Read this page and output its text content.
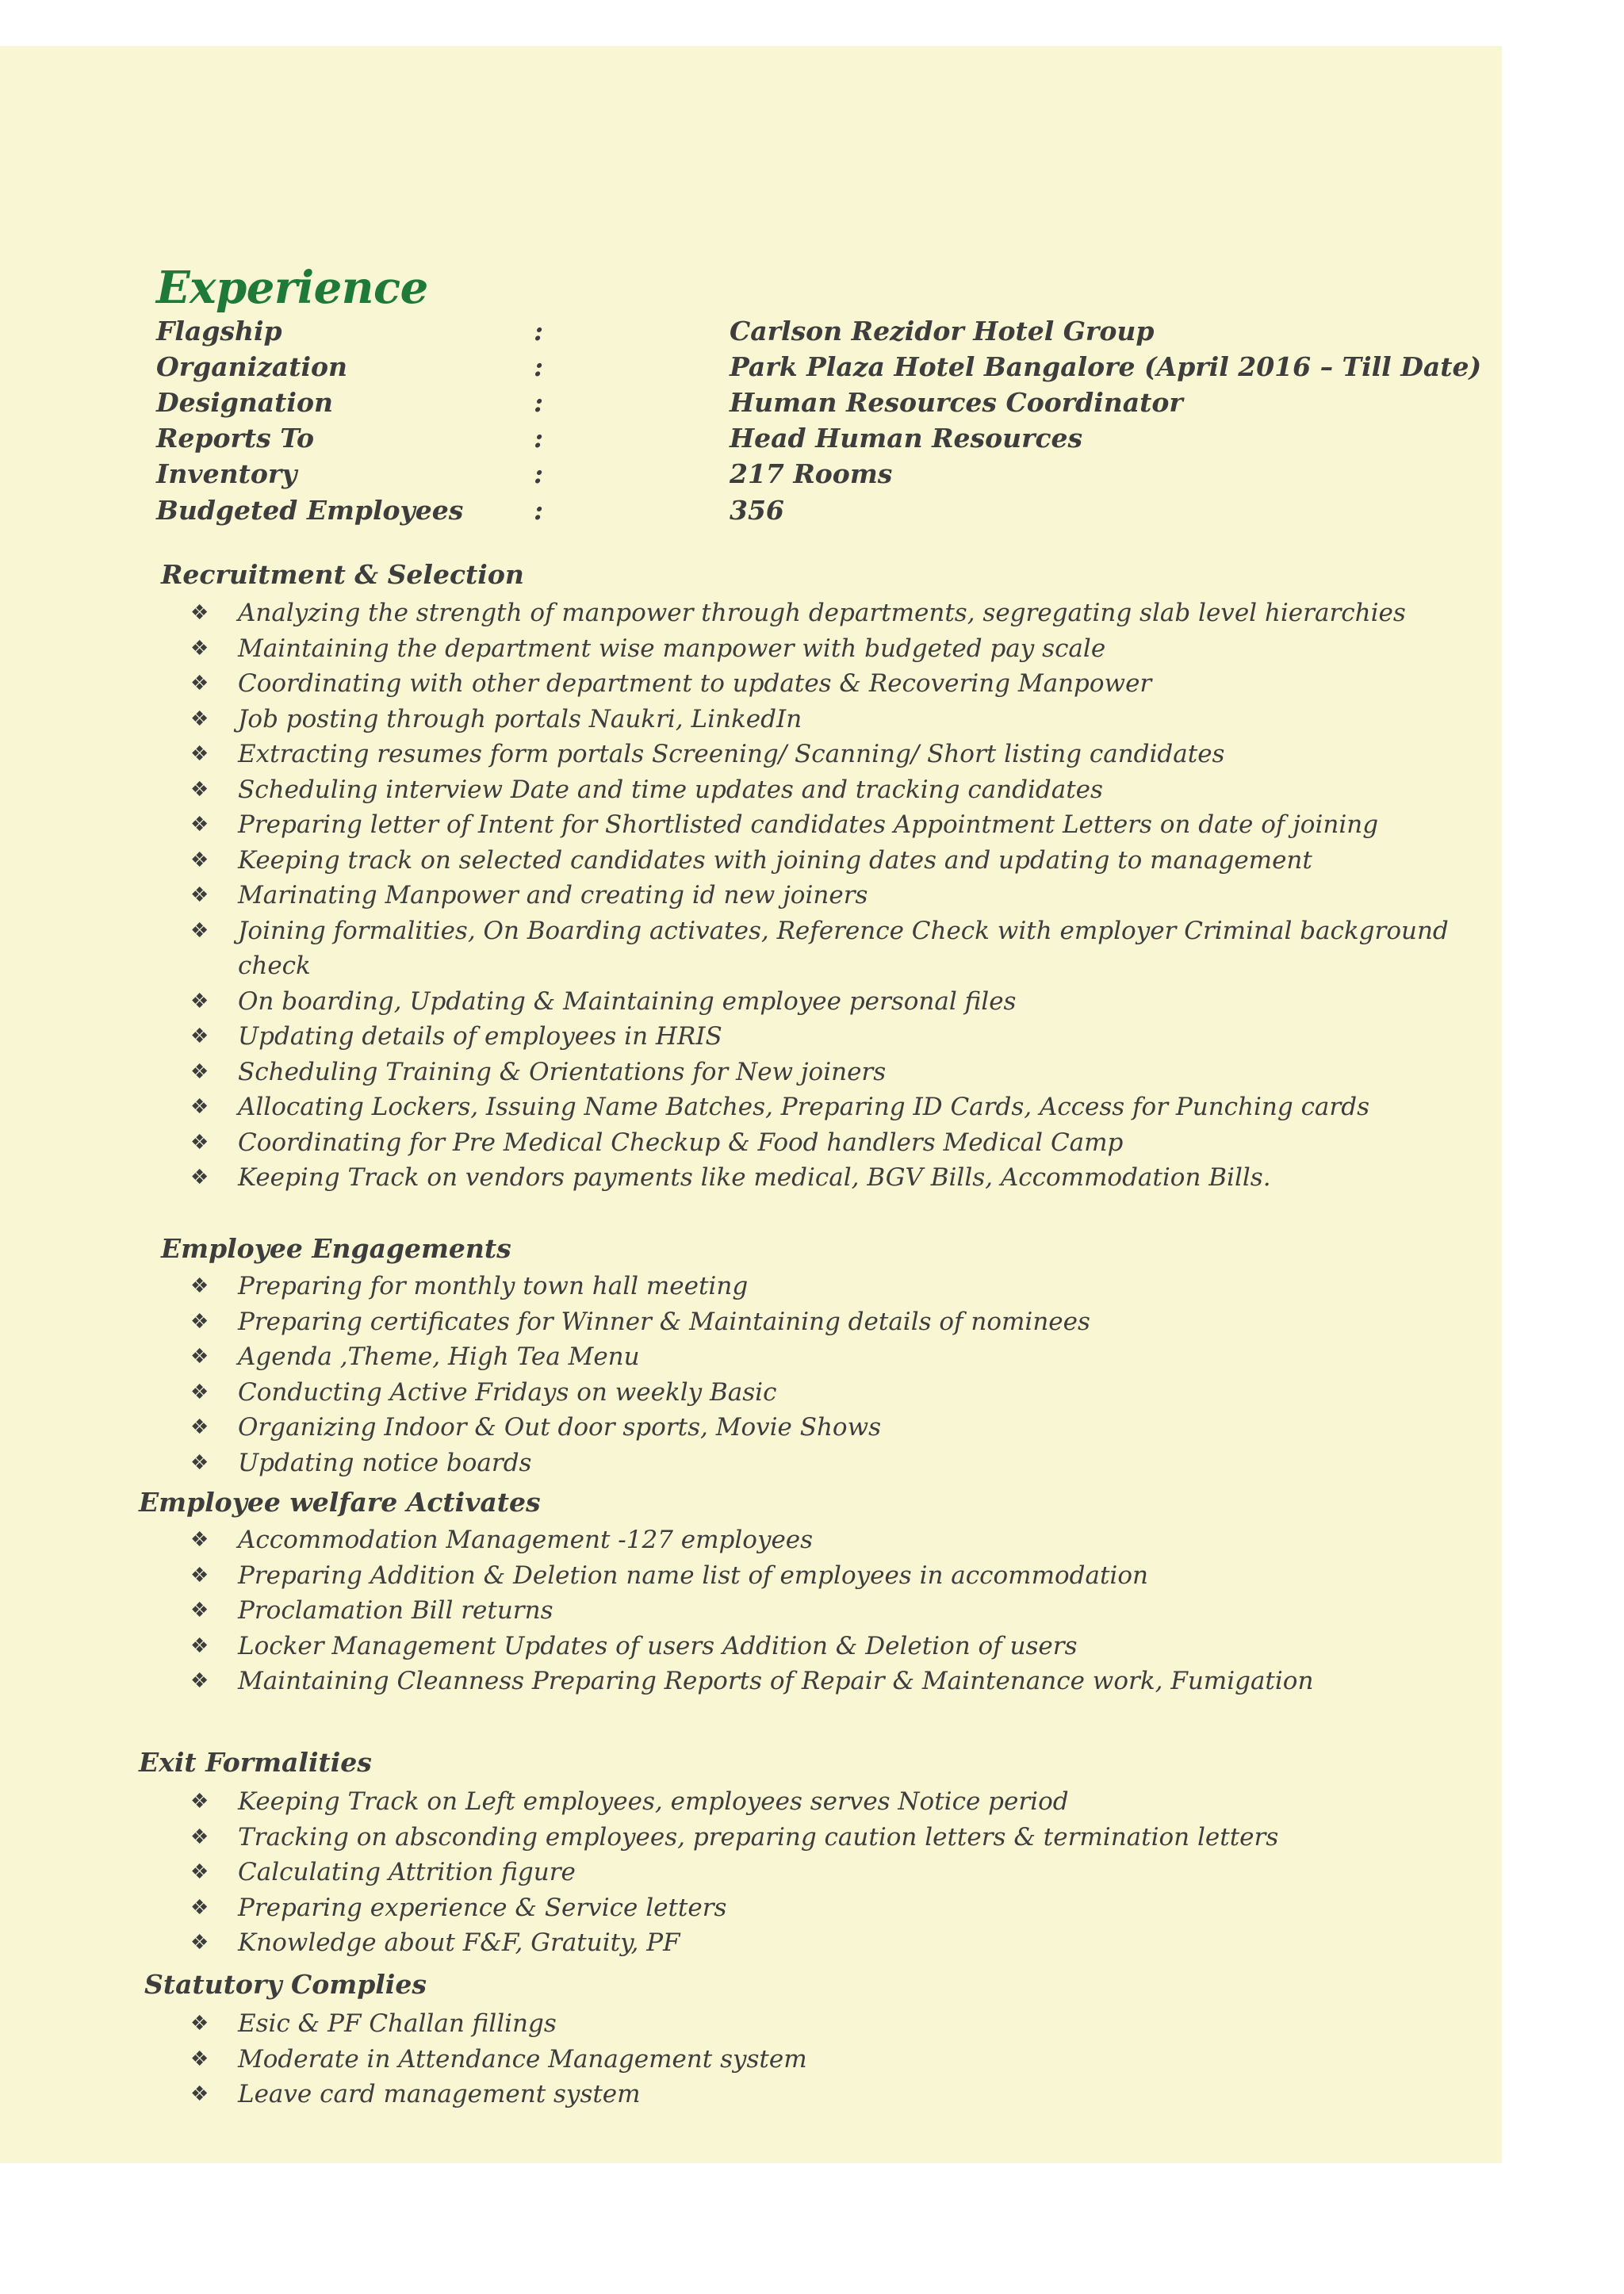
Experience
Flagship	:	Carlson Rezidor Hotel Group
Organization	:	Park Plaza Hotel Bangalore (April 2016 – Till Date)
Designation	:	Human Resources Coordinator
Reports To	:	Head Human Resources
Inventory	:	217 Rooms
Budgeted Employees	:	356
Recruitment & Selection
❖ Analyzing the strength of manpower through departments, segregating slab level hierarchies
❖ Maintaining the department wise manpower with budgeted pay scale
❖ Coordinating with other department to updates & Recovering Manpower
❖ Job posting through portals Naukri, LinkedIn
❖ Extracting resumes form portals Screening/ Scanning/ Short listing candidates
❖ Scheduling interview Date and time updates and tracking candidates
❖ Preparing letter of Intent for Shortlisted candidates Appointment Letters on date of joining
❖ Keeping track on selected candidates with joining dates and updating to management
❖ Marinating Manpower and creating id new joiners
❖ Joining formalities, On Boarding activates, Reference Check with employer Criminal background check
❖ On boarding, Updating & Maintaining employee personal files
❖ Updating details of employees in HRIS
❖ Scheduling Training & Orientations for New joiners
❖ Allocating Lockers, Issuing Name Batches, Preparing ID Cards, Access for Punching cards
❖ Coordinating for Pre Medical Checkup & Food handlers Medical Camp
❖ Keeping Track on vendors payments like medical, BGV Bills, Accommodation Bills.
Employee Engagements
❖ Preparing for monthly town hall meeting
❖ Preparing certificates for Winner & Maintaining details of nominees
❖ Agenda ,Theme, High Tea Menu
❖ Conducting Active Fridays on weekly Basic
❖ Organizing Indoor & Out door sports, Movie Shows
❖ Updating notice boards
Employee welfare Activates
❖ Accommodation Management -127 employees
❖ Preparing Addition & Deletion name list of employees in accommodation
❖ Proclamation Bill returns
❖ Locker Management Updates of users Addition & Deletion of users
❖ Maintaining Cleanness Preparing Reports of Repair & Maintenance work, Fumigation
Exit Formalities
❖ Keeping Track on Left employees, employees serves Notice period
❖ Tracking on absconding employees, preparing caution letters & termination letters
❖ Calculating Attrition figure
❖ Preparing experience & Service letters
❖ Knowledge about F&F, Gratuity, PF
Statutory Complies
❖ Esic & PF Challan fillings
❖ Moderate in Attendance Management system
❖ Leave card management system
